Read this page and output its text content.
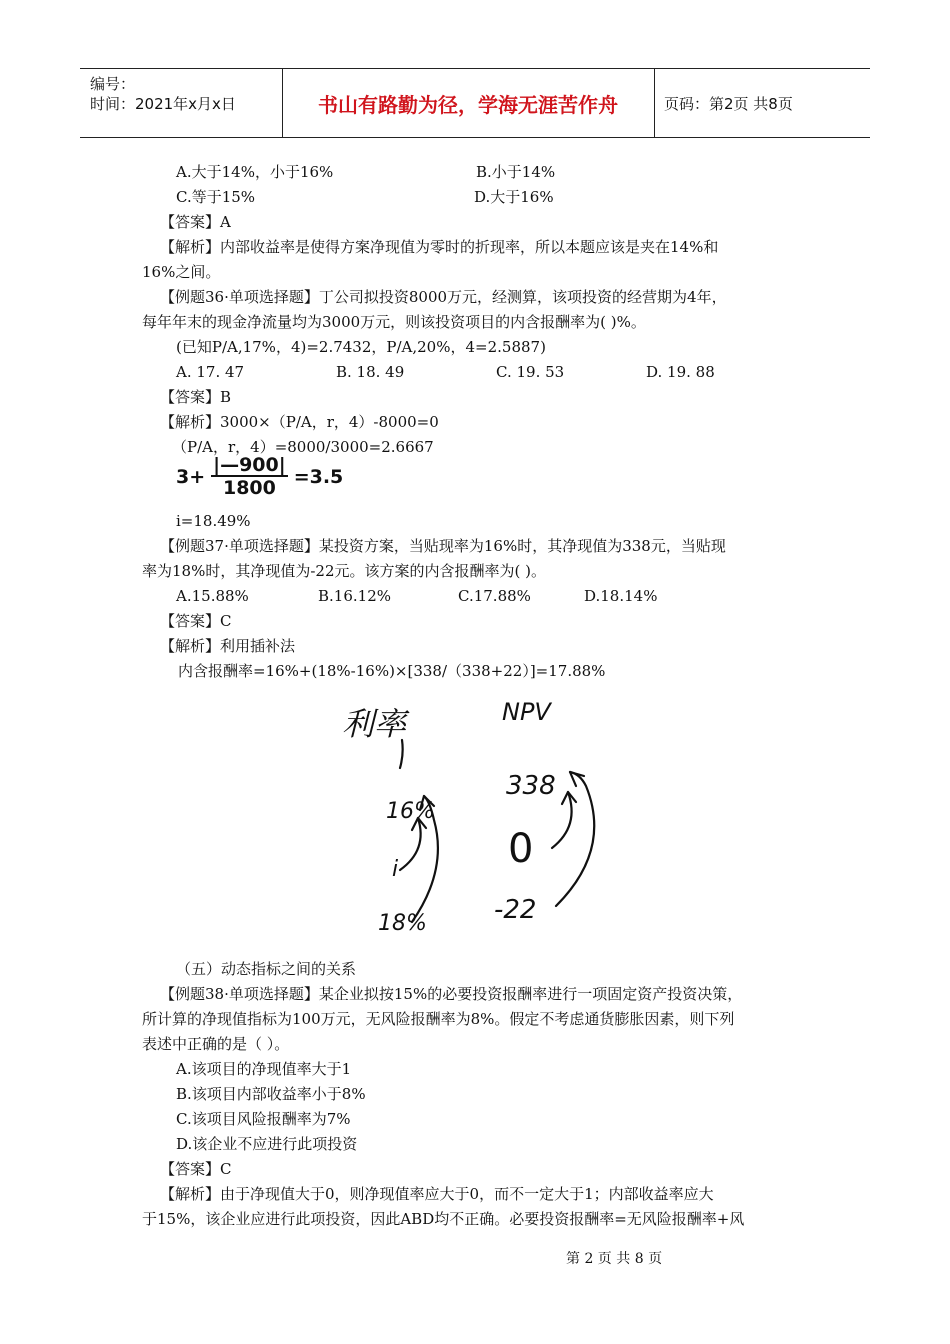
编号：
时间：2021年x月x日	书山有路勤为径，学海无涯苦作舟	页码：第2页 共8页
A.大于14%，小于16%	B.小于14%
C.等于15%	D.大于16%
【答案】A
【解析】内部收益率是使得方案净现值为零时的折现率，所以本题应该是夹在14%和
16%之间。
【例题36·单项选择题】丁公司拟投资8000万元，经测算，该项投资的经营期为4年，
每年年末的现金净流量均为3000万元，则该投资项目的内含报酬率为( )%。
(已知P/A,17%，4)=2.7432，P/A,20%，4=2.5887)
A. 17. 47	B. 18. 49	C. 19. 53	D. 19. 88
【答案】B
【解析】3000×（P/A，r，4）-8000=0
（P/A，r，4）=8000/3000=2.6667
$3+ \frac{|—900|}{1800} =3.5$
i=18.49%
【例题37·单项选择题】某投资方案，当贴现率为16%时，其净现值为338元，当贴现
率为18%时，其净现值为-22元。该方案的内含报酬率为( )。
A.15.88%	B.16.12%	C.17.88%	D.18.14%
【答案】C
【解析】利用插补法
内含报酬率=16%+(18%-16%)×[338/（338+22）]=17.88%
利率	NPV
16%
i
18%
338
0
-22
（五）动态指标之间的关系
【例题38·单项选择题】某企业拟按15%的必要投资报酬率进行一项固定资产投资决策，
所计算的净现值指标为100万元，无风险报酬率为8%。假定不考虑通货膨胀因素，则下列
表述中正确的是（ ）。
A.该项目的净现值率大于1
B.该项目内部收益率小于8%
C.该项目风险报酬率为7%
D.该企业不应进行此项投资
【答案】C
【解析】由于净现值大于0，则净现值率应大于0，而不一定大于1；内部收益率应大
于15%，该企业应进行此项投资，因此ABD均不正确。必要投资报酬率=无风险报酬率+风
第 2 页 共 8 页
